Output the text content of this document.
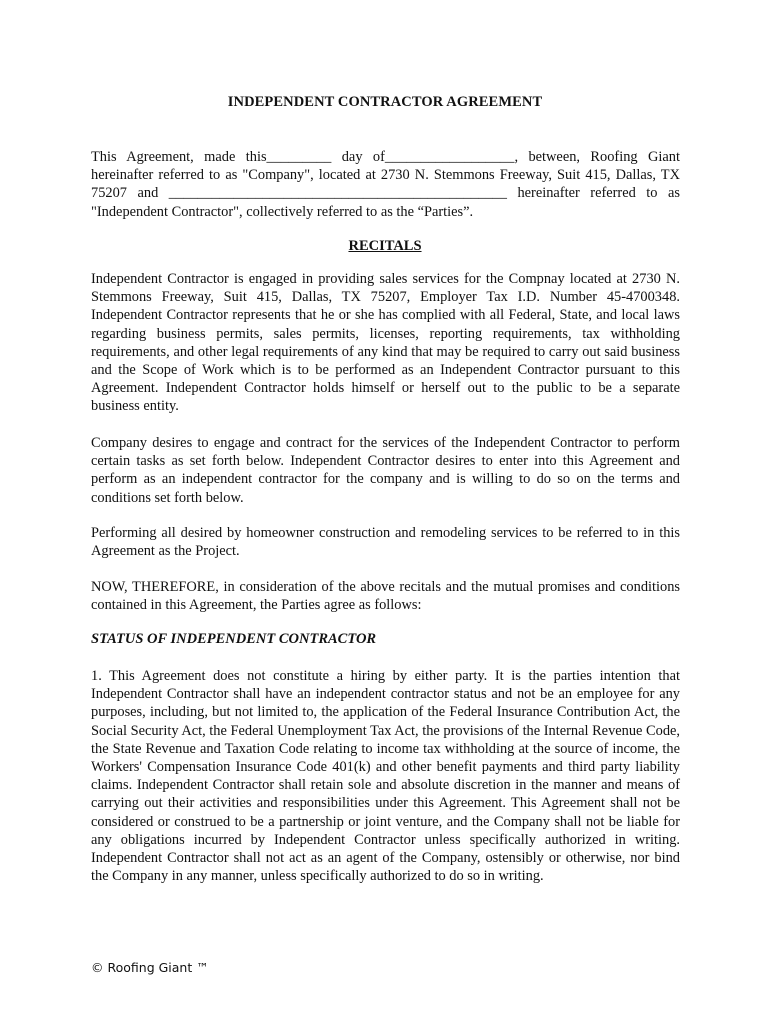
INDEPENDENT CONTRACTOR AGREEMENT

This Agreement, made this_________ day of__________________, between, Roofing Giant hereinafter referred to as "Company", located at 2730 N. Stemmons Freeway, Suit 415, Dallas, TX 75207 and _______________________________________________ hereinafter referred to as "Independent Contractor", collectively referred to as the “Parties”.

RECITALS

Independent Contractor is engaged in providing sales services for the Compnay located at 2730 N. Stemmons Freeway, Suit 415, Dallas, TX 75207, Employer Tax I.D. Number 45-4700348. Independent Contractor represents that he or she has complied with all Federal, State, and local laws regarding business permits, sales permits, licenses, reporting requirements, tax withholding requirements, and other legal requirements of any kind that may be required to carry out said business and the Scope of Work which is to be performed as an Independent Contractor pursuant to this Agreement. Independent Contractor holds himself or herself out to the public to be a separate business entity.

Company desires to engage and contract for the services of the Independent Contractor to perform certain tasks as set forth below. Independent Contractor desires to enter into this Agreement and perform as an independent contractor for the company and is willing to do so on the terms and conditions set forth below.

Performing all desired by homeowner construction and remodeling services to be referred to in this Agreement as the Project.

NOW, THEREFORE, in consideration of the above recitals and the mutual promises and conditions contained in this Agreement, the Parties agree as follows:

STATUS OF INDEPENDENT CONTRACTOR

1. This Agreement does not constitute a hiring by either party. It is the parties intention that Independent Contractor shall have an independent contractor status and not be an employee for any purposes, including, but not limited to, the application of the Federal Insurance Contribution Act, the Social Security Act, the Federal Unemployment Tax Act, the provisions of the Internal Revenue Code, the State Revenue and Taxation Code relating to income tax withholding at the source of income, the Workers' Compensation Insurance Code 401(k) and other benefit payments and third party liability claims. Independent Contractor shall retain sole and absolute discretion in the manner and means of carrying out their activities and responsibilities under this Agreement. This Agreement shall not be considered or construed to be a partnership or joint venture, and the Company shall not be liable for any obligations incurred by Independent Contractor unless specifically authorized in writing. Independent Contractor shall not act as an agent of the Company, ostensibly or otherwise, nor bind the Company in any manner, unless specifically authorized to do so in writing.

© Roofing Giant ™
